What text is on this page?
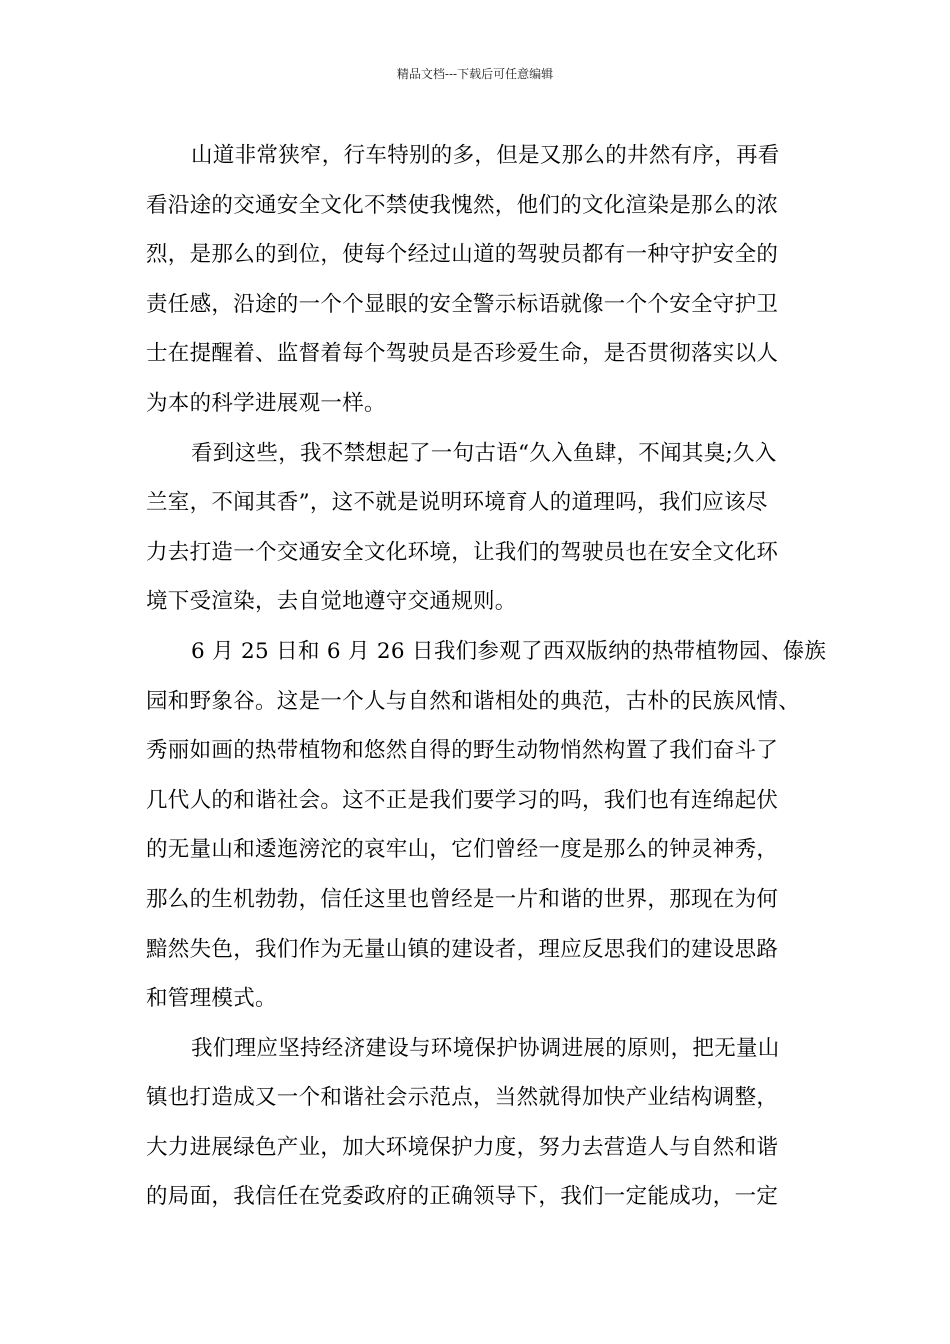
精品文档---下载后可任意编辑
山道非常狭窄，行车特别的多，但是又那么的井然有序，再看
看沿途的交通安全文化不禁使我愧然，他们的文化渲染是那么的浓
烈，是那么的到位，使每个经过山道的驾驶员都有一种守护安全的
责任感，沿途的一个个显眼的安全警示标语就像一个个安全守护卫
士在提醒着、监督着每个驾驶员是否珍爱生命，是否贯彻落实以人
为本的科学进展观一样。
看到这些，我不禁想起了一句古语“久入鱼肆，不闻其臭;久入
兰室，不闻其香”，这不就是说明环境育人的道理吗，我们应该尽
力去打造一个交通安全文化环境，让我们的驾驶员也在安全文化环
境下受渲染，去自觉地遵守交通规则。
6 月 25 日和 6 月 26 日我们参观了西双版纳的热带植物园、傣族
园和野象谷。这是一个人与自然和谐相处的典范，古朴的民族风情、
秀丽如画的热带植物和悠然自得的野生动物悄然构置了我们奋斗了
几代人的和谐社会。这不正是我们要学习的吗，我们也有连绵起伏
的无量山和逶迤滂沱的哀牢山，它们曾经一度是那么的钟灵神秀，
那么的生机勃勃，信任这里也曾经是一片和谐的世界，那现在为何
黯然失色，我们作为无量山镇的建设者，理应反思我们的建设思路
和管理模式。
我们理应坚持经济建设与环境保护协调进展的原则，把无量山
镇也打造成又一个和谐社会示范点，当然就得加快产业结构调整，
大力进展绿色产业，加大环境保护力度，努力去营造人与自然和谐
的局面，我信任在党委政府的正确领导下，我们一定能成功，一定
